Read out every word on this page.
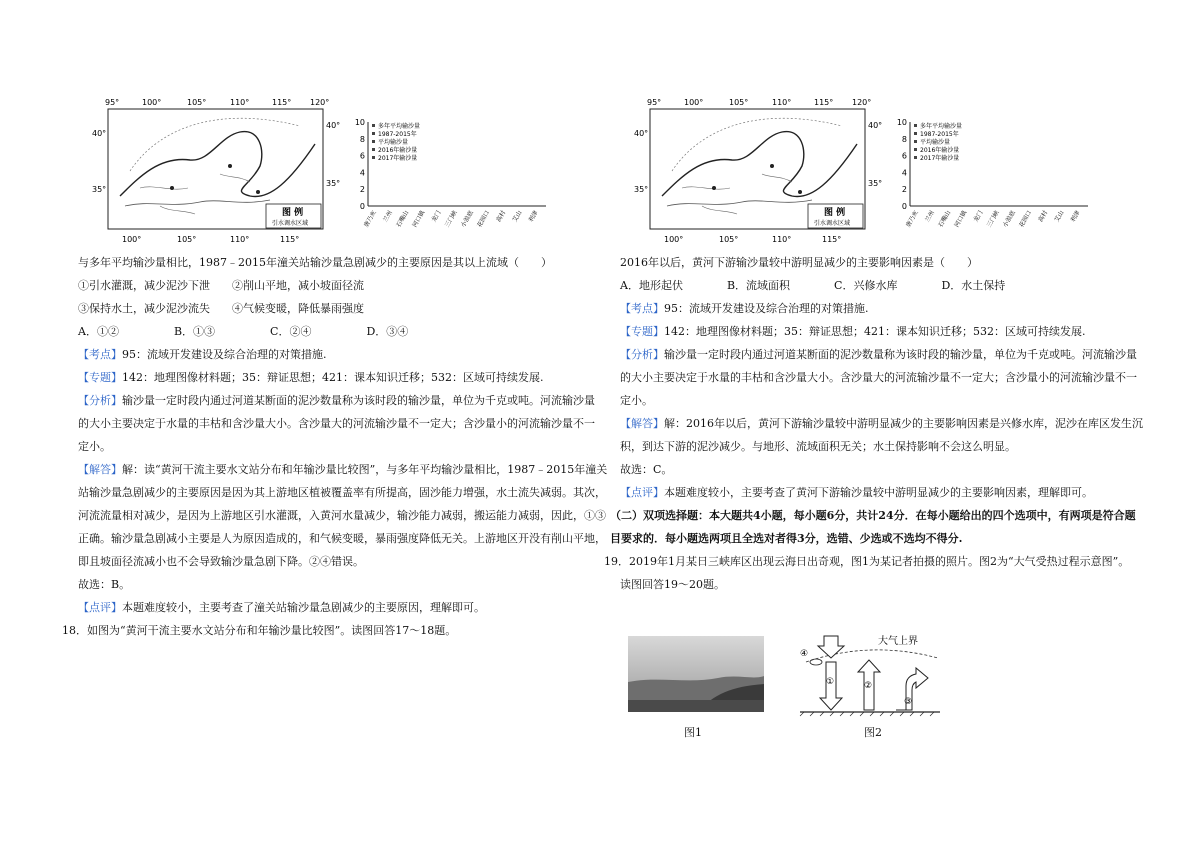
95°	100°	105°	110°	115° 120°
40°
35°
40°
35°
图 例
引水调水区域
100°	105°	110°	115°
10
8
6
4
2
0
多年平均输沙量
1987-2015年
平均输沙量
2016年输沙量
2017年输沙量
唐乃亥 兰州 石嘴山 河口镇 龙门 三门峡 小浪底 花园口 高村 艾山 利津
与多年平均输沙量相比，1987﹣2015年潼关站输沙量急剧减少的主要原因是其以上流域（　　）
①引水灌溉，减少泥沙下泄　　②削山平地，减小坡面径流
③保持水土，减少泥沙流失　　④气候变暖，降低暴雨强度
A．①②　　　　　B．①③　　　　　C．②④　　　　　D．③④
【考点】95：流域开发建设及综合治理的对策措施.
【专题】142：地理图像材料题；35：辩证思想；421：课本知识迁移；532：区域可持续发展.
【分析】输沙量一定时段内通过河道某断面的泥沙数量称为该时段的输沙量，单位为千克或吨。河流输沙量
的大小主要决定于水量的丰枯和含沙量大小。含沙量大的河流输沙量不一定大；含沙量小的河流输沙量不一
定小。
【解答】解：读“黄河干流主要水文站分布和年输沙量比较图”，与多年平均输沙量相比，1987﹣2015年潼关
站输沙量急剧减少的主要原因是因为其上游地区植被覆盖率有所提高，固沙能力增强，水土流失减弱。其次，
河流流量相对减少，是因为上游地区引水灌溉，入黄河水量减少，输沙能力减弱，搬运能力减弱，因此，①③
正确。输沙量急剧减小主要是人为原因造成的，和气候变暖，暴雨强度降低无关。上游地区开没有削山平地，
即且坡面径流减小也不会导致输沙量急剧下降。②④错误。
故选：B。
【点评】本题难度较小，主要考查了潼关站输沙量急剧减少的主要原因，理解即可。
18．如图为“黄河干流主要水文站分布和年输沙量比较图”。读图回答17～18题。
95°	100°	105°	110°	115° 120°
40°
35°
40°
35°
图 例
引水调水区域
100°	105°	110°	115°
10
8
6
4
2
0
多年平均输沙量
1987-2015年
平均输沙量
2016年输沙量
2017年输沙量
唐乃亥 兰州 石嘴山 河口镇 龙门 三门峡 小浪底 花园口 高村 艾山 利津
2016年以后，黄河下游输沙量较中游明显减少的主要影响因素是（　　）
A．地形起伏　　　　B．流域面积　　　　C．兴修水库　　　　D．水土保持
【考点】95：流域开发建设及综合治理的对策措施.
【专题】142：地理图像材料题；35：辩证思想；421：课本知识迁移；532：区域可持续发展.
【分析】输沙量一定时段内通过河道某断面的泥沙数量称为该时段的输沙量，单位为千克或吨。河流输沙量
的大小主要决定于水量的丰枯和含沙量大小。含沙量大的河流输沙量不一定大；含沙量小的河流输沙量不一
定小。
【解答】解：2016年以后，黄河下游输沙量较中游明显减少的主要影响因素是兴修水库，泥沙在库区发生沉
积，到达下游的泥沙减少。与地形、流域面积无关；水土保持影响不会这么明显。
故选：C。
【点评】本题难度较小，主要考查了黄河下游输沙量较中游明显减少的主要影响因素，理解即可。
（二）双项选择题：本大题共4小题，每小题6分，共计24分．在每小题给出的四个选项中，有两项是符合题
目要求的．每小题选两项且全选对者得3分，选错、少选或不选均不得分.
19．2019年1月某日三峡库区出现云海日出奇观，图1为某记者拍摄的照片。图2为“大气受热过程示意图”。
读图回答19～20题。
图1
大气上界
①	②
③
④
图2
